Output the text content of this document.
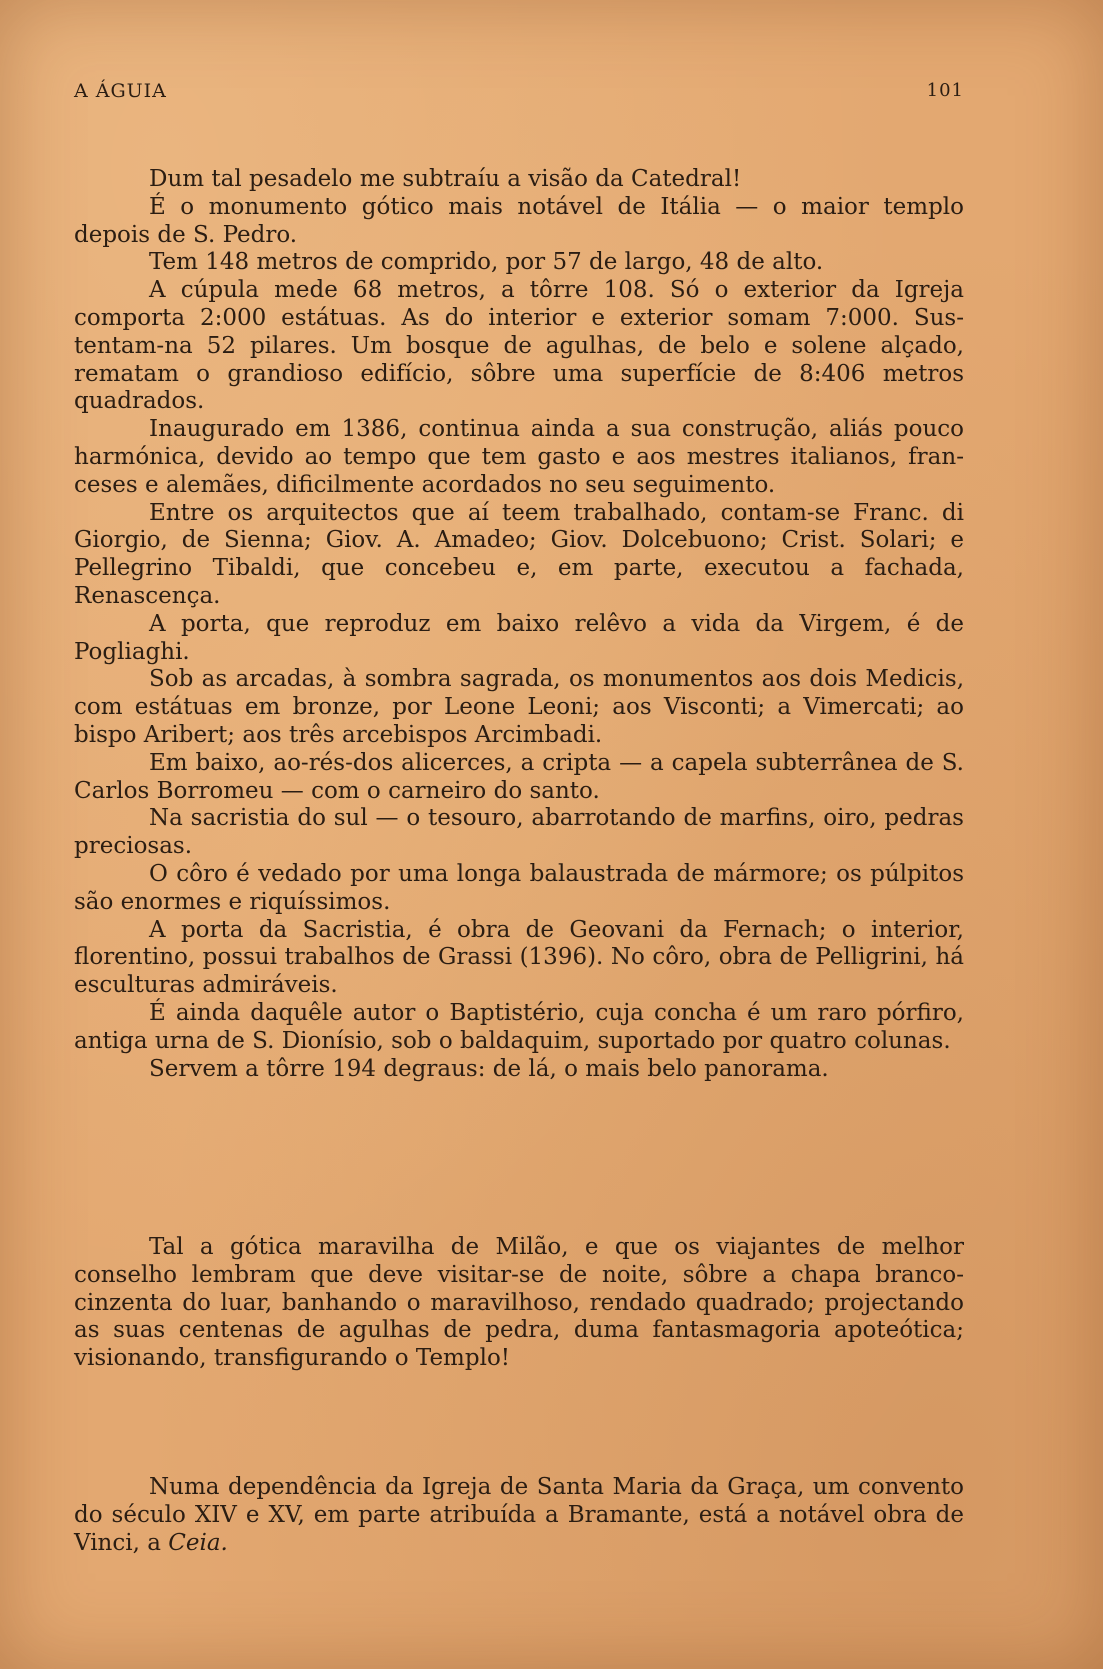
A ÁGUIA	101

Dum tal pesadelo me subtraíu a visão da Catedral!

É o monumento gótico mais notável de Itália — o maior templo depois de S. Pedro.

Tem 148 metros de comprido, por 57 de largo, 48 de alto.

A cúpula mede 68 metros, a tôrre 108. Só o exterior da Igreja comporta 2:000 estátuas. As do interior e exterior somam 7:000. Sustentam-na 52 pilares. Um bosque de agulhas, de belo e solene alçado, rematam o grandioso edifício, sôbre uma superfície de 8:406 metros quadrados.

Inaugurado em 1386, continua ainda a sua construção, aliás pouco harmónica, devido ao tempo que tem gasto e aos mestres italianos, franceses e alemães, dificilmente acordados no seu seguimento.

Entre os arquitectos que aí teem trabalhado, contam-se Franc. di Giorgio, de Sienna; Giov. A. Amadeo; Giov. Dolcebuono; Crist. Solari; e Pellegrino Tibaldi, que concebeu e, em parte, executou a fachada, Renascença.

A porta, que reproduz em baixo relêvo a vida da Virgem, é de Pogliaghi.

Sob as arcadas, à sombra sagrada, os monumentos aos dois Medicis, com estátuas em bronze, por Leone Leoni; aos Visconti; a Vimercati; ao bispo Aribert; aos três arcebispos Arcimbadi.

Em baixo, ao-rés-dos alicerces, a cripta — a capela subterrânea de S. Carlos Borromeu — com o carneiro do santo.

Na sacristia do sul — o tesouro, abarrotando de marfins, oiro, pedras preciosas.

O côro é vedado por uma longa balaustrada de mármore; os púlpitos são enormes e riquíssimos.

A porta da Sacristia, é obra de Geovani da Fernach; o interior, florentino, possui trabalhos de Grassi (1396). No côro, obra de Pelligrini, há esculturas admiráveis.

É ainda daquêle autor o Baptistério, cuja concha é um raro pórfiro, antiga urna de S. Dionísio, sob o baldaquim, suportado por quatro colunas.

Servem a tôrre 194 degraus: de lá, o mais belo panorama.

Tal a gótica maravilha de Milão, e que os viajantes de melhor conselho lembram que deve visitar-se de noite, sôbre a chapa branco-cinzenta do luar, banhando o maravilhoso, rendado quadrado; projectando as suas centenas de agulhas de pedra, duma fantasmagoria apoteótica; visionando, transfigurando o Templo!

Numa dependência da Igreja de Santa Maria da Graça, um convento do século XIV e XV, em parte atribuída a Bramante, está a notável obra de Vinci, a Ceia.
